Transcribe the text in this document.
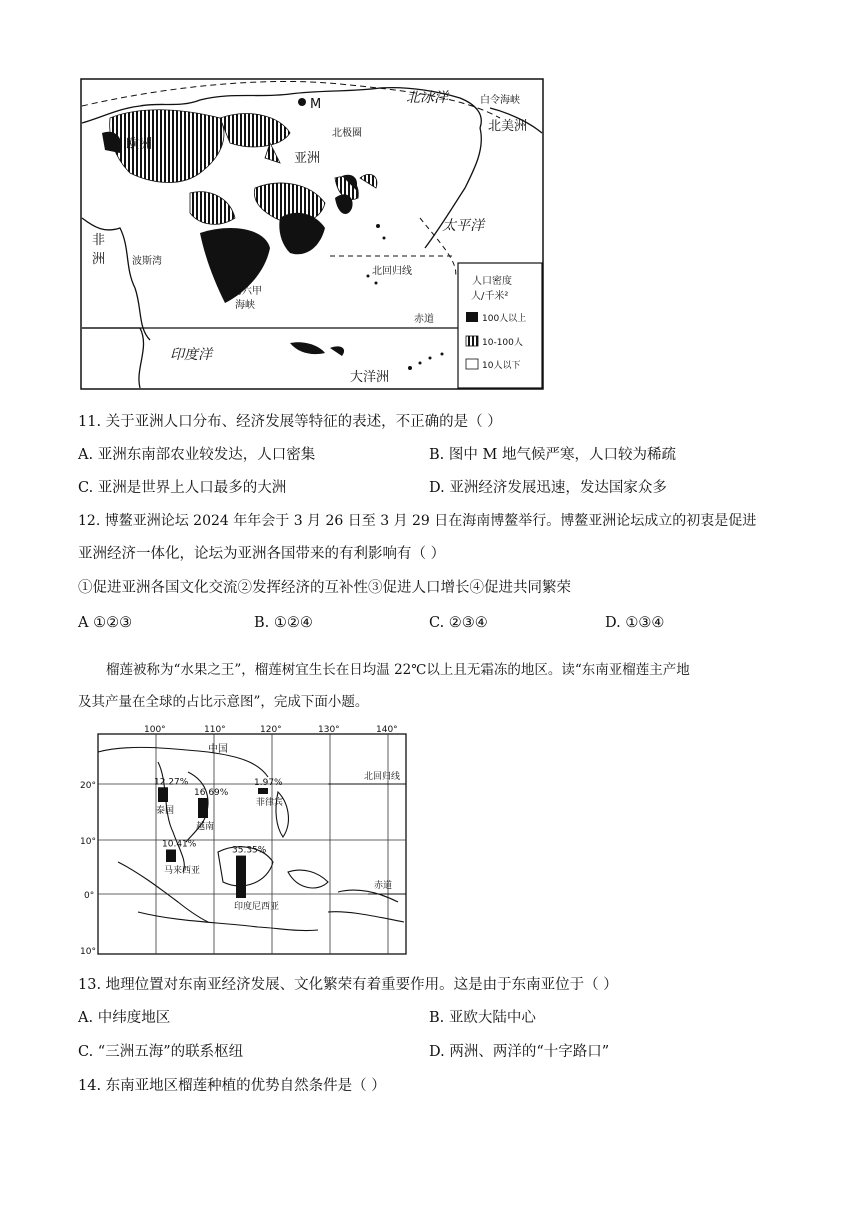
M	北冰洋	白令海峡
北美洲
欧洲
亚洲
北极圈
太平洋
非
洲	波斯湾
北回归线
马六甲
海峡
赤道
印度洋
大洋洲
人口密度
人/千米²
100人以上
10-100人
10人以下
11. 关于亚洲人口分布、经济发展等特征的表述，不正确的是（ ）
A. 亚洲东南部农业较发达，人口密集	B. 图中 M 地气候严寒，人口较为稀疏
C. 亚洲是世界上人口最多的大洲	D. 亚洲经济发展迅速，发达国家众多
12. 博鳌亚洲论坛 2024 年年会于 3 月 26 日至 3 月 29 日在海南博鳌举行。博鳌亚洲论坛成立的初衷是促进
亚洲经济一体化，论坛为亚洲各国带来的有利影响有（ ）
①促进亚洲各国文化交流②发挥经济的互补性③促进人口增长④促进共同繁荣
A ①②③	B. ①②④	C. ②③④	D. ①③④
榴莲被称为“水果之王”，榴莲树宜生长在日均温 22℃以上且无霜冻的地区。读“东南亚榴莲主产地
及其产量在全球的占比示意图”，完成下面小题。
100°	110°	120°	130°	140°
20°
10°
0°
10°
中国
北回归线
赤道
12.27%
泰国
16.69%
越南
1.97%
菲律宾
10.41%
马来西亚
35.35%
印度尼西亚
13. 地理位置对东南亚经济发展、文化繁荣有着重要作用。这是由于东南亚位于（ ）
A. 中纬度地区	B. 亚欧大陆中心
C. “三洲五海”的联系枢纽	D. 两洲、两洋的“十字路口”
14. 东南亚地区榴莲种植的优势自然条件是（ ）
